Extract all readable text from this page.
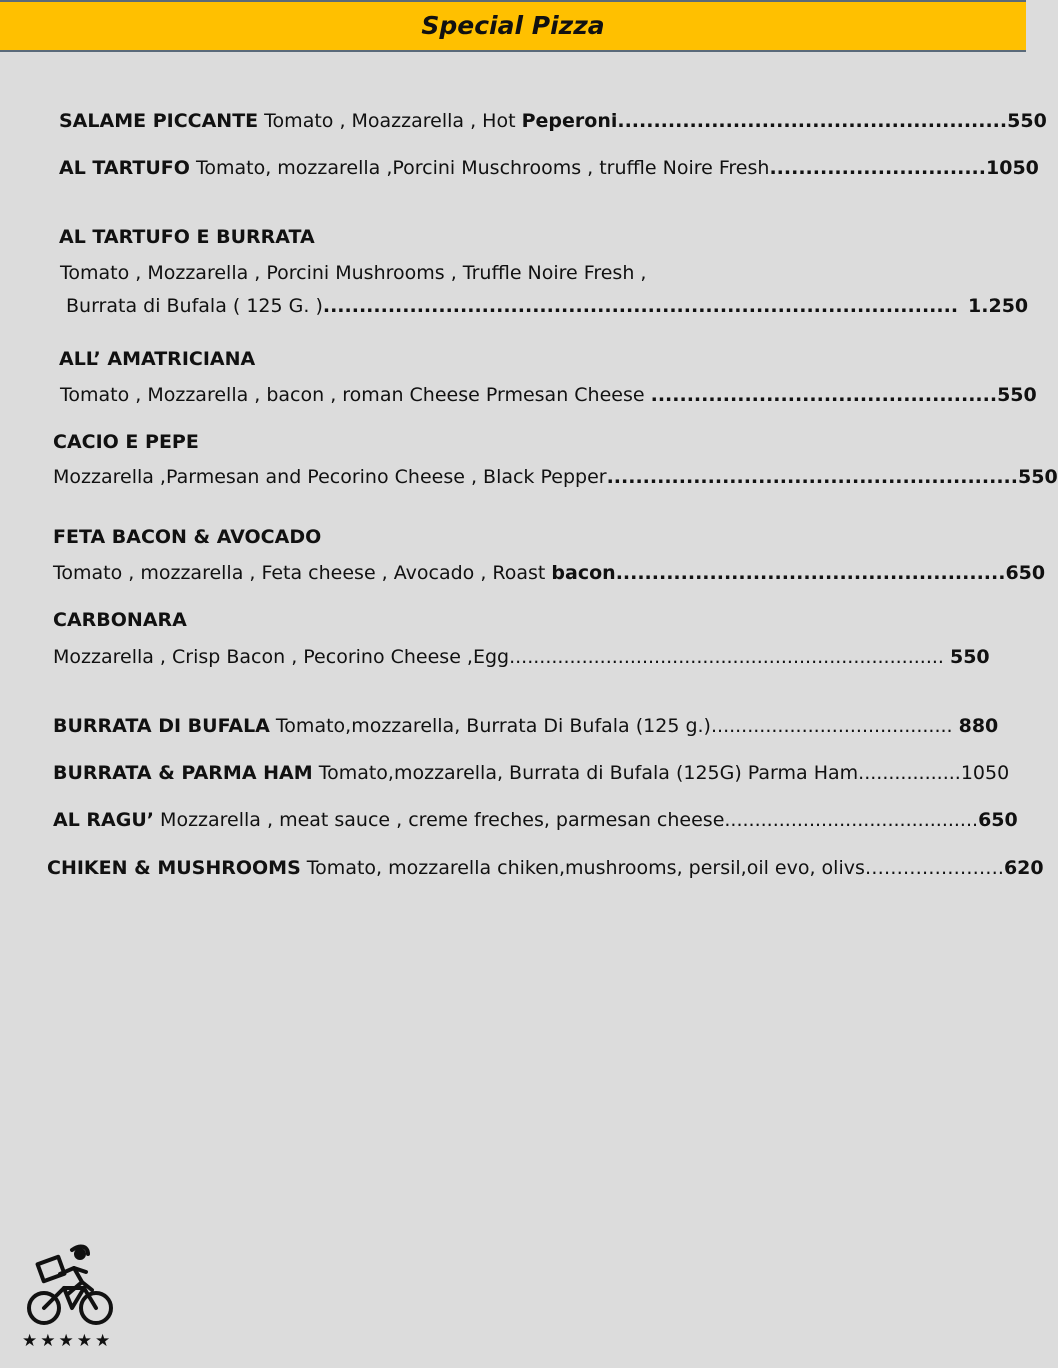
Special Pizza
SALAME PICCANTE Tomato , Moazzarella , Hot Peperoni......................................................550
AL TARTUFO Tomato, mozzarella ,Porcini Muschrooms , truffle Noire Fresh..............................1050
AL TARTUFO E BURRATA
Tomato , Mozzarella , Porcini Mushrooms , Truffle Noire Fresh ,
Burrata di Bufala ( 125 G. )........................................................................................ 1.250
ALL’ AMATRICIANA
Tomato , Mozzarella , bacon , roman Cheese Prmesan Cheese ................................................550
CACIO E PEPE
Mozzarella ,Parmesan and Pecorino Cheese , Black Pepper.........................................................550
FETA BACON & AVOCADO
Tomato , mozzarella , Feta cheese , Avocado , Roast bacon......................................................650
CARBONARA
Mozzarella , Crisp Bacon , Pecorino Cheese ,Egg........................................................................ 550
BURRATA DI BUFALA Tomato,mozzarella, Burrata Di Bufala (125 g.)........................................ 880
BURRATA & PARMA HAM Tomato,mozzarella, Burrata di Bufala (125G) Parma Ham.................1050
AL RAGU’ Mozzarella , meat sauce , creme freches, parmesan cheese..........................................650
CHIKEN & MUSHROOMS Tomato, mozzarella chiken,mushrooms, persil,oil evo, olivs………………….620
★★★★★
